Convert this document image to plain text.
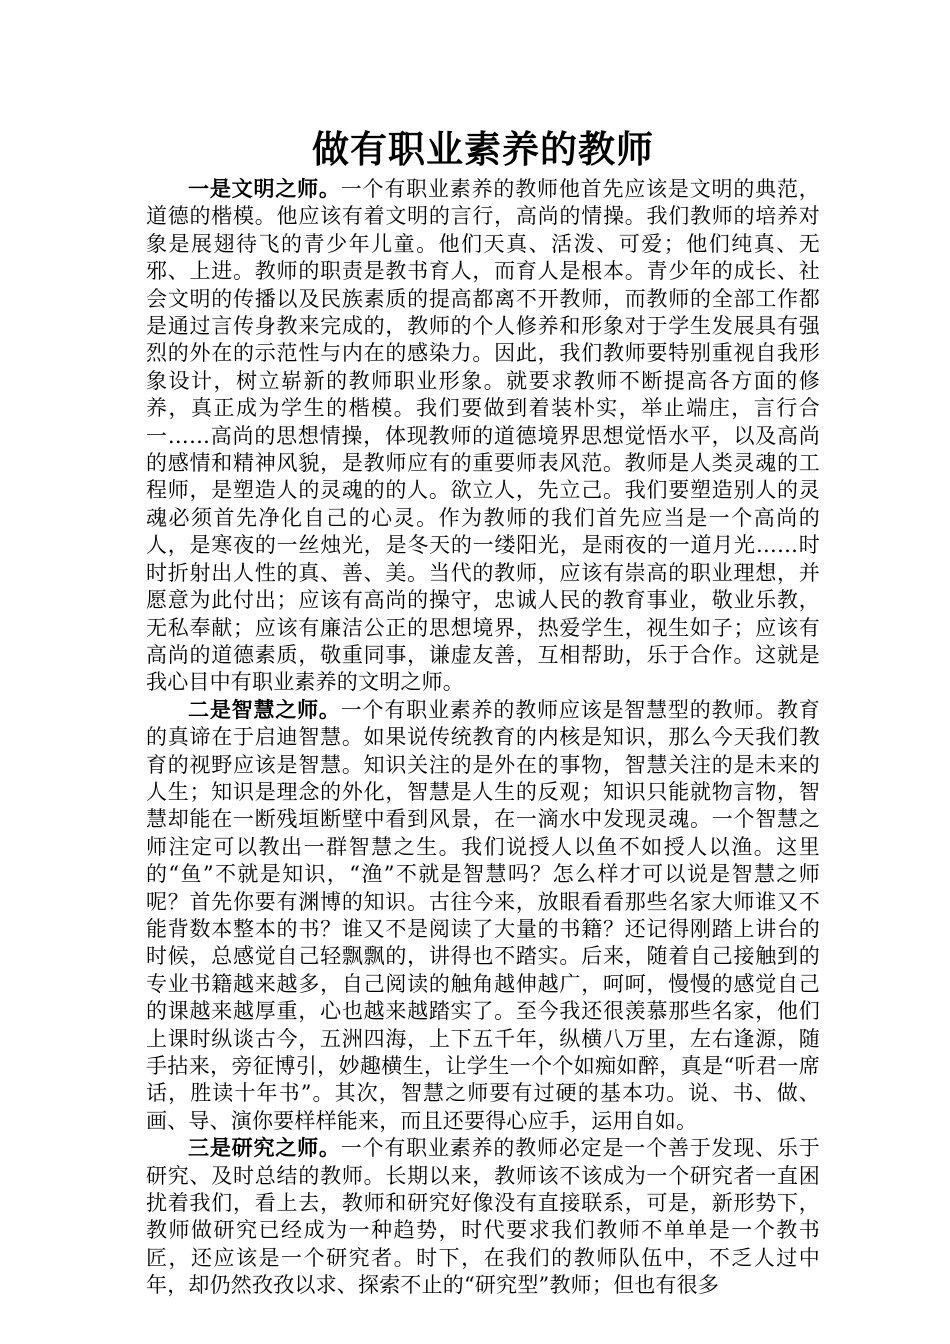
做有职业素养的教师

一是文明之师。一个有职业素养的教师他首先应该是文明的典范，道德的楷模。他应该有着文明的言行，高尚的情操。我们教师的培养对象是展翅待飞的青少年儿童。他们天真、活泼、可爱；他们纯真、无邪、上进。教师的职责是教书育人，而育人是根本。青少年的成长、社会文明的传播以及民族素质的提高都离不开教师，而教师的全部工作都是通过言传身教来完成的，教师的个人修养和形象对于学生发展具有强烈的外在的示范性与内在的感染力。因此，我们教师要特别重视自我形象设计，树立崭新的教师职业形象。就要求教师不断提高各方面的修养，真正成为学生的楷模。我们要做到着装朴实，举止端庄，言行合一……高尚的思想情操，体现教师的道德境界思想觉悟水平，以及高尚的感情和精神风貌，是教师应有的重要师表风范。教师是人类灵魂的工程师，是塑造人的灵魂的的人。欲立人，先立己。我们要塑造别人的灵魂必须首先净化自己的心灵。作为教师的我们首先应当是一个高尚的人，是寒夜的一丝烛光，是冬天的一缕阳光，是雨夜的一道月光……时时折射出人性的真、善、美。当代的教师，应该有崇高的职业理想，并愿意为此付出；应该有高尚的操守，忠诚人民的教育事业，敬业乐教，无私奉献；应该有廉洁公正的思想境界，热爱学生，视生如子；应该有高尚的道德素质，敬重同事，谦虚友善，互相帮助，乐于合作。这就是我心目中有职业素养的文明之师。

二是智慧之师。一个有职业素养的教师应该是智慧型的教师。教育的真谛在于启迪智慧。如果说传统教育的内核是知识，那么今天我们教育的视野应该是智慧。知识关注的是外在的事物，智慧关注的是未来的人生；知识是理念的外化，智慧是人生的反观；知识只能就物言物，智慧却能在一断残垣断壁中看到风景，在一滴水中发现灵魂。一个智慧之师注定可以教出一群智慧之生。我们说授人以鱼不如授人以渔。这里的“鱼”不就是知识，“渔”不就是智慧吗？怎么样才可以说是智慧之师呢？首先你要有渊博的知识。古往今来，放眼看看那些名家大师谁又不能背数本整本的书？谁又不是阅读了大量的书籍？还记得刚踏上讲台的时候，总感觉自己轻飘飘的，讲得也不踏实。后来，随着自己接触到的专业书籍越来越多，自己阅读的触角越伸越广，呵呵，慢慢的感觉自己的课越来越厚重，心也越来越踏实了。至今我还很羡慕那些名家，他们上课时纵谈古今，五洲四海，上下五千年，纵横八万里，左右逢源，随手拈来，旁征博引，妙趣横生，让学生一个个如痴如醉，真是“听君一席话，胜读十年书”。其次，智慧之师要有过硬的基本功。说、书、做、画、导、演你要样样能来，而且还要得心应手，运用自如。

三是研究之师。一个有职业素养的教师必定是一个善于发现、乐于研究、及时总结的教师。长期以来，教师该不该成为一个研究者一直困扰着我们，看上去，教师和研究好像没有直接联系，可是，新形势下，教师做研究已经成为一种趋势，时代要求我们教师不单单是一个教书匠，还应该是一个研究者。时下，在我们的教师队伍中，不乏人过中年，却仍然孜孜以求、探索不止的“研究型”教师；但也有很多
